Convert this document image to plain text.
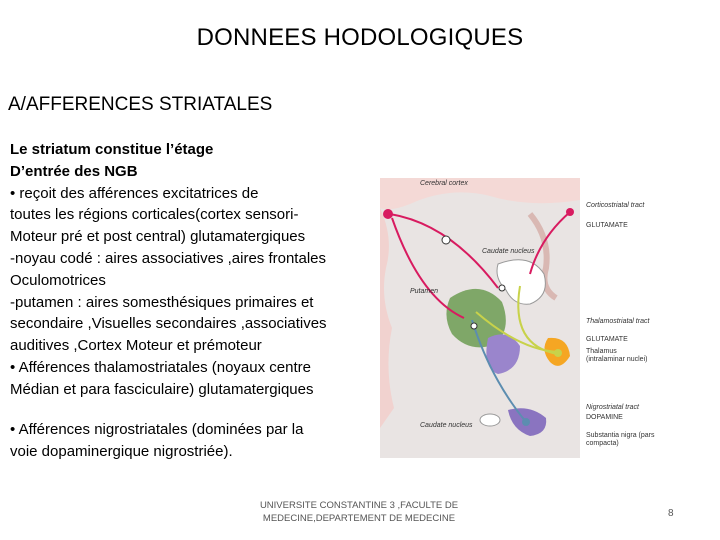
DONNEES HODOLOGIQUES
A/AFFERENCES STRIATALES
Le striatum constitue l’étage
D’entrée des NGB
• reçoit des afférences excitatrices de
toutes les régions corticales(cortex sensori-
Moteur pré et post central) glutamatergiques
-noyau codé : aires associatives ,aires frontales
Oculomotrices
-putamen : aires somesthésiques primaires et
secondaire ,Visuelles secondaires ,associatives
auditives ,Cortex Moteur et prémoteur
• Afférences thalamostriatales (noyaux centre
Médian et para fasciculaire) glutamatergiques
• Afférences nigrostriatales (dominées par la
voie dopaminergique nigrostriée).
Cerebral cortex
Caudate nucleus
Putamen
Caudate nucleus
Corticostriatal tract
GLUTAMATE
Thalamostriatal tract
GLUTAMATE
Thalamus (intralaminar nuclei)
Nigrostriatal tract
DOPAMINE
Substantia nigra (pars compacta)
UNIVERSITE CONSTANTINE 3 ,FACULTE DE MEDECINE,DEPARTEMENT DE MEDECINE	8
